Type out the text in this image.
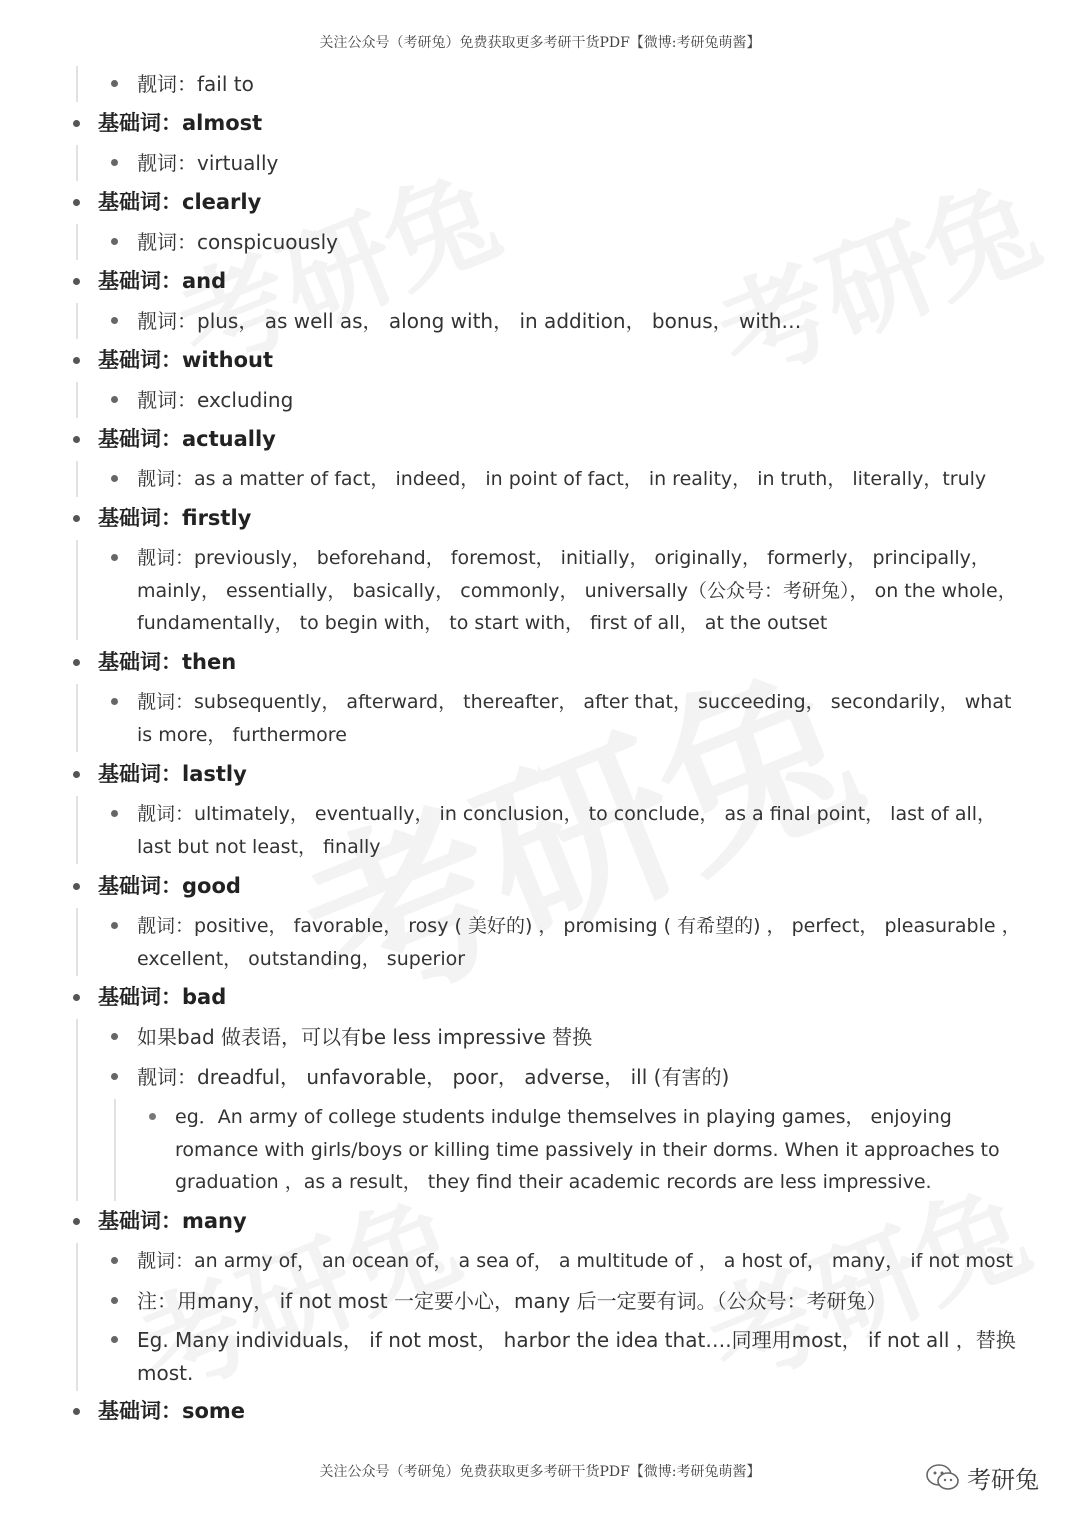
关注公众号（考研兔）免费获取更多考研干货PDF【微博:考研兔萌酱】
靓词：fail to
基础词：almost
靓词：virtually
基础词：clearly
靓词：conspicuously
基础词：and
靓词：plus， as well as， along with， in addition， bonus， with…
基础词：without
靓词：excluding
基础词：actually
靓词：as a matter of fact， indeed， in point of fact， in reality， in truth， literally，truly
基础词：firstly
靓词：previously， beforehand， foremost， initially， originally， formerly， principally， mainly， essentially， basically， commonly， universally（公众号：考研兔）， on the whole， fundamentally， to begin with， to start with， first of all， at the outset
基础词：then
靓词：subsequently， afterward， thereafter， after that， succeeding， secondarily， what is more， furthermore
基础词：lastly
靓词：ultimately， eventually， in conclusion， to conclude， as a final point， last of all， last but not least， finally
基础词：good
靓词：positive， favorable， rosy ( 美好的) ， promising ( 有希望的) ， perfect， pleasurable ， excellent， outstanding， superior
基础词：bad
如果bad 做表语，可以有be less impressive 替换
靓词：dreadful， unfavorable， poor， adverse， ill (有害的)
eg．An army of college students indulge themselves in playing games， enjoying romance with girls/boys or killing time passively in their dorms. When it approaches to graduation ，as a result， they find their academic records are less impressive.
基础词：many
靓词：an army of， an ocean of， a sea of， a multitude of ， a host of， many， if not most
注：用many， if not most 一定要小心，many 后一定要有词。（公众号：考研兔）
Eg. Many individuals， if not most， harbor the idea that….同理用most， if not all ，替换 most.
基础词：some
关注公众号（考研兔）免费获取更多考研干货PDF【微博:考研兔萌酱】	考研兔
